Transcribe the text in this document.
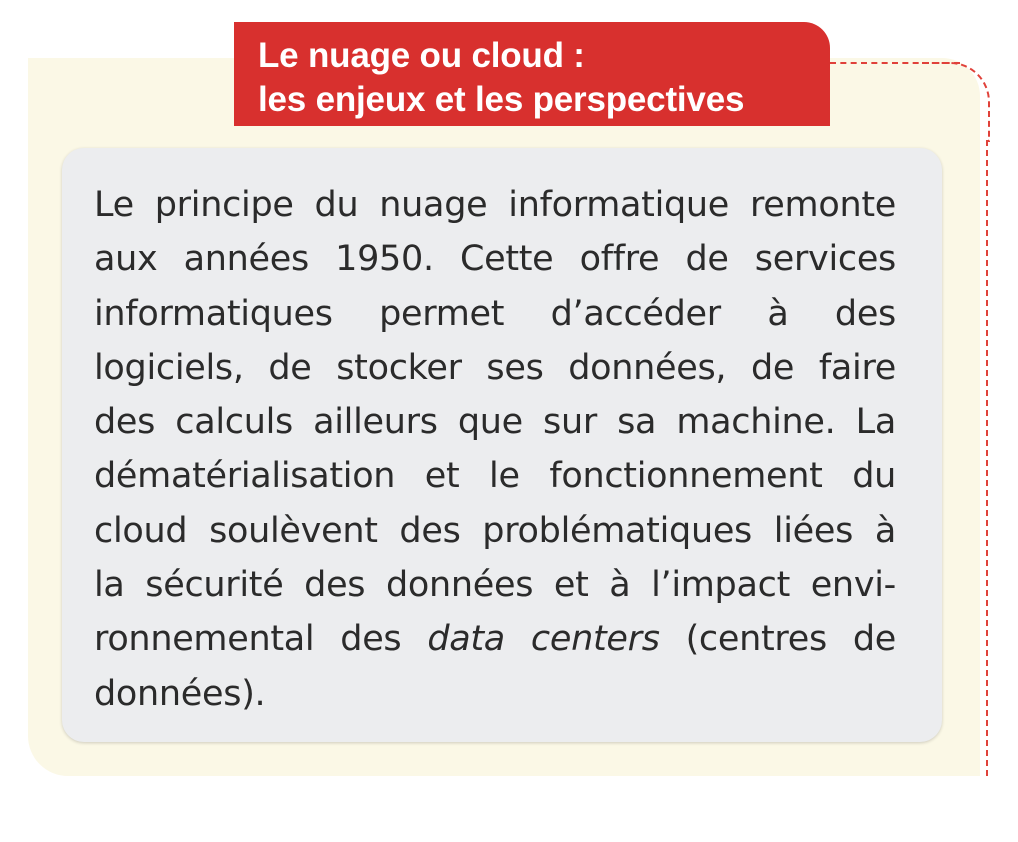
Le nuage ou cloud :
les enjeux et les perspectives
Le principe du nuage informatique remonte
aux années 1950. Cette offre de services
informatiques permet d’accéder à des
logiciels, de stocker ses données, de faire
des calculs ailleurs que sur sa machine. La
dématérialisation et le fonctionnement du
cloud soulèvent des problématiques liées à
la sécurité des données et à l’impact envi-
ronnemental des data centers (centres de
données).
